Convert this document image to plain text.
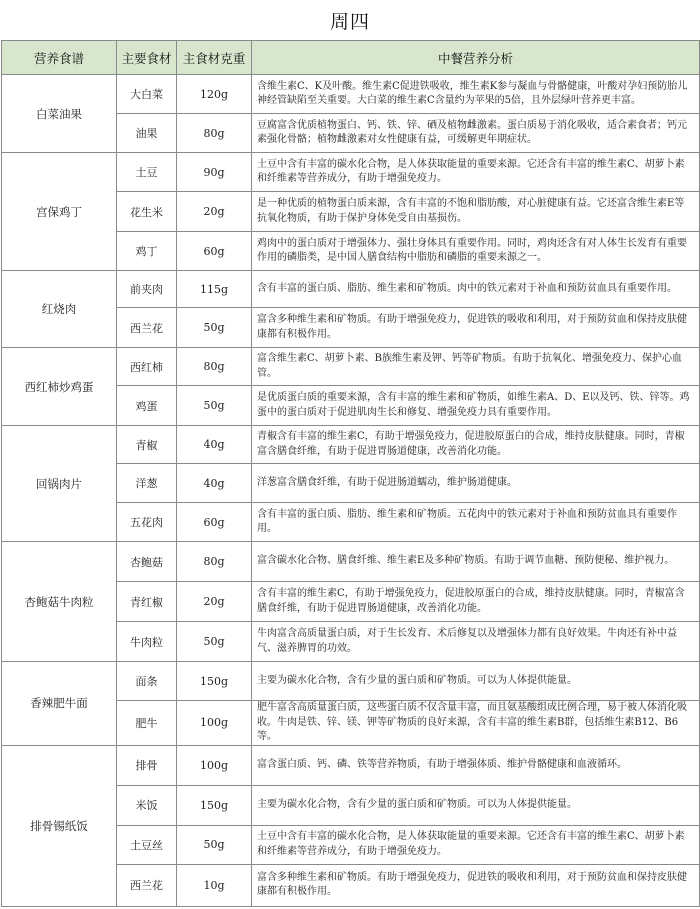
周四
营养食谱	主要食材	主食材克重	中餐营养分析
白菜油果	大白菜	120g	含维生素C、K及叶酸。维生素C促进铁吸收，维生素K参与凝血与骨骼健康，叶酸对孕妇预防胎儿神经管缺陷至关重要。大白菜的维生素C含量约为苹果的5倍，且外层绿叶营养更丰富。
	油果	80g	豆腐富含优质植物蛋白、钙、铁、锌、硒及植物雌激素。蛋白质易于消化吸收，适合素食者；钙元素强化骨骼；植物雌激素对女性健康有益，可缓解更年期症状。
宫保鸡丁	土豆	90g	土豆中含有丰富的碳水化合物，是人体获取能量的重要来源。它还含有丰富的维生素C、胡萝卜素和纤维素等营养成分，有助于增强免疫力。
	花生米	20g	是一种优质的植物蛋白质来源，含有丰富的不饱和脂肪酸，对心脏健康有益。它还富含维生素E等抗氧化物质，有助于保护身体免受自由基损伤。
	鸡丁	60g	鸡肉中的蛋白质对于增强体力、强壮身体具有重要作用。同时，鸡肉还含有对人体生长发育有重要作用的磷脂类，是中国人膳食结构中脂肪和磷脂的重要来源之一。
红烧肉	前夹肉	115g	含有丰富的蛋白质、脂肪、维生素和矿物质。肉中的铁元素对于补血和预防贫血具有重要作用。
	西兰花	50g	富含多种维生素和矿物质。有助于增强免疫力，促进铁的吸收和利用，对于预防贫血和保持皮肤健康都有积极作用。
西红柿炒鸡蛋	西红柿	80g	富含维生素C、胡萝卜素、B族维生素及钾、钙等矿物质。有助于抗氧化、增强免疫力、保护心血管。
	鸡蛋	50g	是优质蛋白质的重要来源，含有丰富的维生素和矿物质，如维生素A、D、E以及钙、铁、锌等。鸡蛋中的蛋白质对于促进肌肉生长和修复、增强免疫力具有重要作用。
回锅肉片	青椒	40g	青椒含有丰富的维生素C，有助于增强免疫力，促进胶原蛋白的合成，维持皮肤健康。同时，青椒富含膳食纤维，有助于促进胃肠道健康，改善消化功能。
	洋葱	40g	洋葱富含膳食纤维，有助于促进肠道蠕动，维护肠道健康。
	五花肉	60g	含有丰富的蛋白质、脂肪、维生素和矿物质。五花肉中的铁元素对于补血和预防贫血具有重要作用。
杏鲍菇牛肉粒	杏鲍菇	80g	富含碳水化合物、膳食纤维、维生素E及多种矿物质。有助于调节血糖、预防便秘、维护视力。
	青红椒	20g	含有丰富的维生素C，有助于增强免疫力，促进胶原蛋白的合成，维持皮肤健康。同时，青椒富含膳食纤维，有助于促进胃肠道健康，改善消化功能。
	牛肉粒	50g	牛肉富含高质量蛋白质，对于生长发育、术后修复以及增强体力都有良好效果。牛肉还有补中益气、滋养脾胃的功效。
香辣肥牛面	面条	150g	主要为碳水化合物，含有少量的蛋白质和矿物质。可以为人体提供能量。
	肥牛	100g	肥牛富含高质量蛋白质，这些蛋白质不仅含量丰富，而且氨基酸组成比例合理，易于被人体消化吸收。牛肉是铁、锌、镁、钾等矿物质的良好来源，含有丰富的维生素B群，包括维生素B12、B6等。
排骨锡纸饭	排骨	100g	富含蛋白质、钙、磷、铁等营养物质，有助于增强体质、维护骨骼健康和血液循环。
	米饭	150g	主要为碳水化合物，含有少量的蛋白质和矿物质。可以为人体提供能量。
	土豆丝	50g	土豆中含有丰富的碳水化合物，是人体获取能量的重要来源。它还含有丰富的维生素C、胡萝卜素和纤维素等营养成分，有助于增强免疫力。
	西兰花	10g	富含多种维生素和矿物质。有助于增强免疫力，促进铁的吸收和利用，对于预防贫血和保持皮肤健康都有积极作用。
